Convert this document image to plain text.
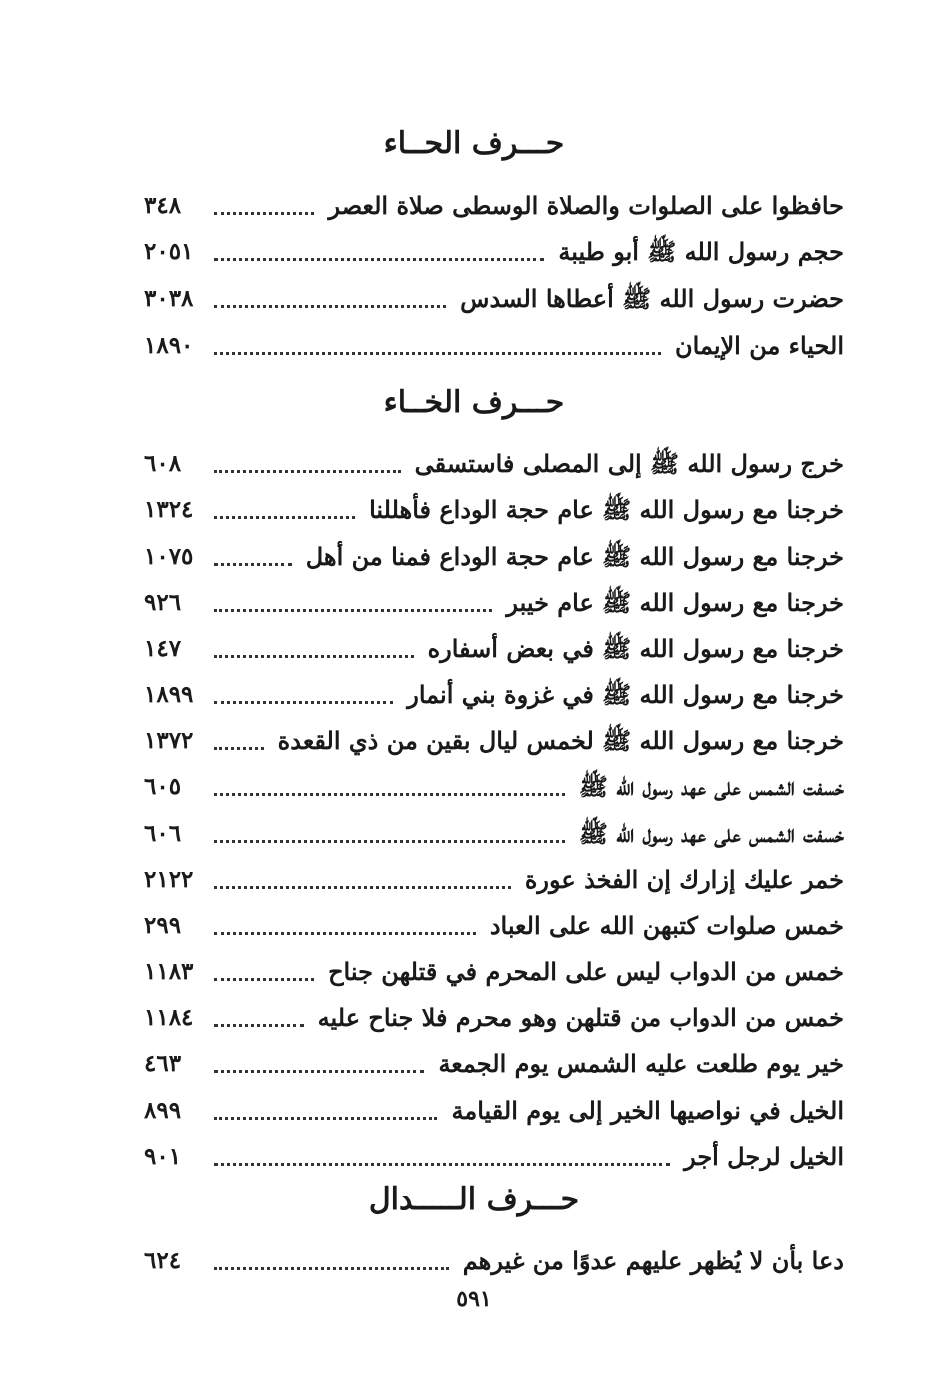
حـــرف الحــاء
حافظوا على الصلوات والصلاة الوسطى صلاة العصر
٣٤٨
حجم رسول الله ﷺ أبو طيبة
٢٠٥١
حضرت رسول الله ﷺ أعطاها السدس
٣٠٣٨
الحياء من الإيمان
١٨٩٠
حـــرف الخــاء
خرج رسول الله ﷺ إلى المصلى فاستسقى
٦٠٨
خرجنا مع رسول الله ﷺ عام حجة الوداع فأهللنا
١٣٢٤
خرجنا مع رسول الله ﷺ عام حجة الوداع فمنا من أهل
١٠٧٥
خرجنا مع رسول الله ﷺ عام خيبر
٩٢٦
خرجنا مع رسول الله ﷺ في بعض أسفاره
١٤٧
خرجنا مع رسول الله ﷺ في غزوة بني أنمار
١٨٩٩
خرجنا مع رسول الله ﷺ لخمس ليال بقين من ذي القعدة
١٣٧٢
خسفت الشمس على عهد رسول الله ﷺ
٦٠٥
خسفت الشمس على عهد رسول الله ﷺ
٦٠٦
خمر عليك إزارك إن الفخذ عورة
٢١٢٢
خمس صلوات كتبهن الله على العباد
٢٩٩
خمس من الدواب ليس على المحرم في قتلهن جناح
١١٨٣
خمس من الدواب من قتلهن وهو محرم فلا جناح عليه
١١٨٤
خير يوم طلعت عليه الشمس يوم الجمعة
٤٦٣
الخيل في نواصيها الخير إلى يوم القيامة
٨٩٩
الخيل لرجل أجر
٩٠١
حـــرف الـــــدال
دعا بأن لا يُظهر عليهم عدوًا من غيرهم
٦٢٤
٥٩١
